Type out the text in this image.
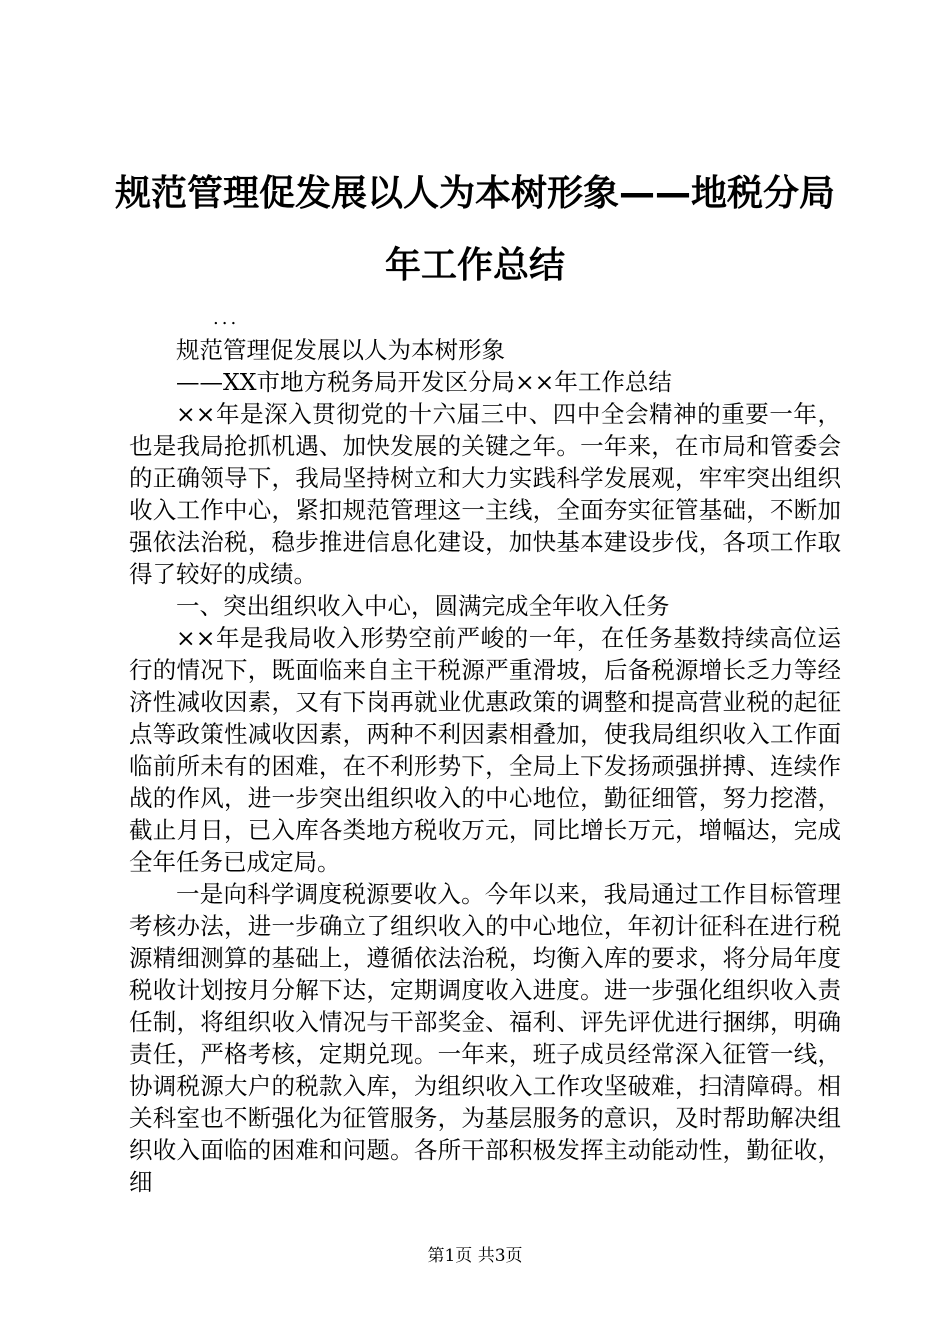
规范管理促发展以人为本树形象——地税分局
年工作总结

...

规范管理促发展以人为本树形象

——XX市地方税务局开发区分局××年工作总结

××年是深入贯彻党的十六届三中、四中全会精神的重要一年，也是我局抢抓机遇、加快发展的关键之年。一年来，在市局和管委会的正确领导下，我局坚持树立和大力实践科学发展观，牢牢突出组织收入工作中心，紧扣规范管理这一主线，全面夯实征管基础，不断加强依法治税，稳步推进信息化建设，加快基本建设步伐，各项工作取得了较好的成绩。

一、突出组织收入中心，圆满完成全年收入任务

××年是我局收入形势空前严峻的一年，在任务基数持续高位运行的情况下，既面临来自主干税源严重滑坡，后备税源增长乏力等经济性减收因素，又有下岗再就业优惠政策的调整和提高营业税的起征点等政策性减收因素，两种不利因素相叠加，使我局组织收入工作面临前所未有的困难，在不利形势下，全局上下发扬顽强拼搏、连续作战的作风，进一步突出组织收入的中心地位，勤征细管，努力挖潜，截止月日，已入库各类地方税收万元，同比增长万元，增幅达，完成全年任务已成定局。

一是向科学调度税源要收入。今年以来，我局通过工作目标管理考核办法，进一步确立了组织收入的中心地位，年初计征科在进行税源精细测算的基础上，遵循依法治税，均衡入库的要求，将分局年度税收计划按月分解下达，定期调度收入进度。进一步强化组织收入责任制，将组织收入情况与干部奖金、福利、评先评优进行捆绑，明确责任，严格考核，定期兑现。一年来，班子成员经常深入征管一线，协调税源大户的税款入库，为组织收入工作攻坚破难，扫清障碍。相关科室也不断强化为征管服务，为基层服务的意识，及时帮助解决组织收入面临的困难和问题。各所干部积极发挥主动能动性，勤征收，细

第1页 共3页
